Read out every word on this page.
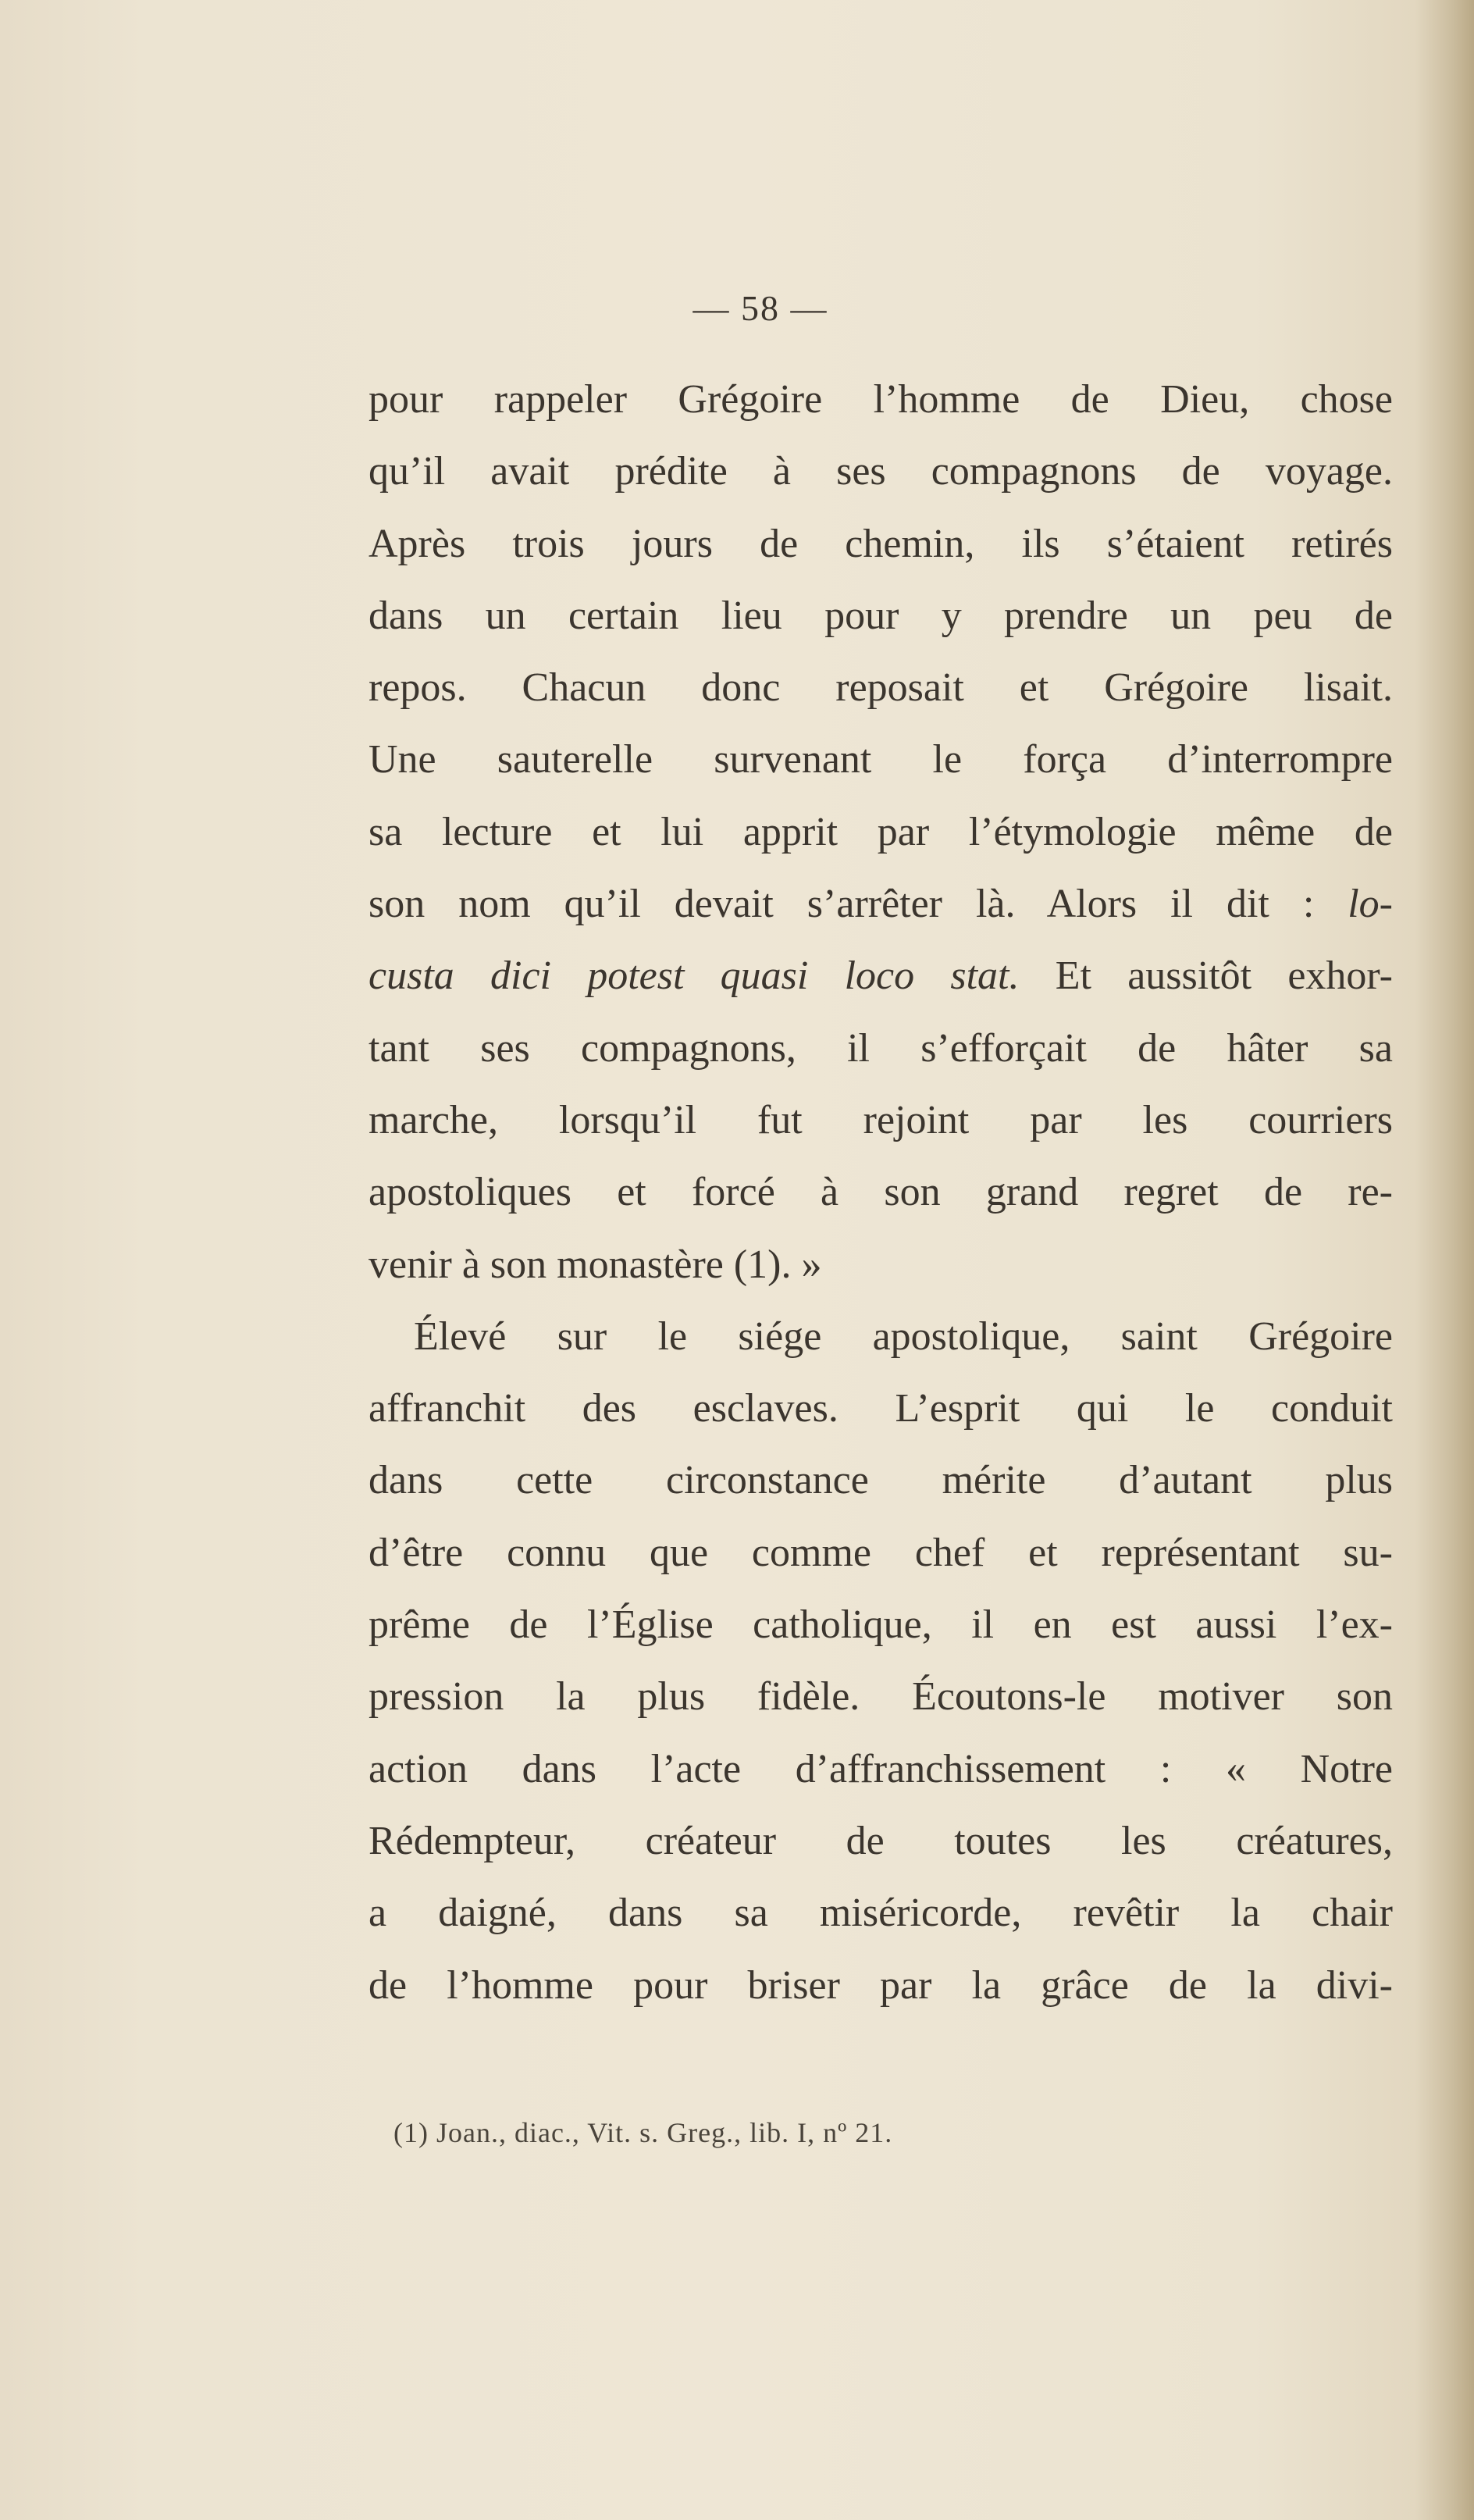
— 58 —
pour rappeler Grégoire l’homme de Dieu, chose
qu’il avait prédite à ses compagnons de voyage.
Après trois jours de chemin, ils s’étaient retirés
dans un certain lieu pour y prendre un peu de
repos. Chacun donc reposait et Grégoire lisait.
Une sauterelle survenant le força d’interrompre
sa lecture et lui apprit par l’étymologie même de
son nom qu’il devait s’arrêter là. Alors il dit : lo-
custa dici potest quasi loco stat. Et aussitôt exhor-
tant ses compagnons, il s’efforçait de hâter sa
marche, lorsqu’il fut rejoint par les courriers
apostoliques et forcé à son grand regret de re-
venir à son monastère (1). »
Élevé sur le siége apostolique, saint Grégoire
affranchit des esclaves. L’esprit qui le conduit
dans cette circonstance mérite d’autant plus
d’être connu que comme chef et représentant su-
prême de l’Église catholique, il en est aussi l’ex-
pression la plus fidèle. Écoutons-le motiver son
action dans l’acte d’affranchissement : « Notre
Rédempteur, créateur de toutes les créatures,
a daigné, dans sa miséricorde, revêtir la chair
de l’homme pour briser par la grâce de la divi-
(1) Joan., diac., Vit. s. Greg., lib. I, nº 21.
